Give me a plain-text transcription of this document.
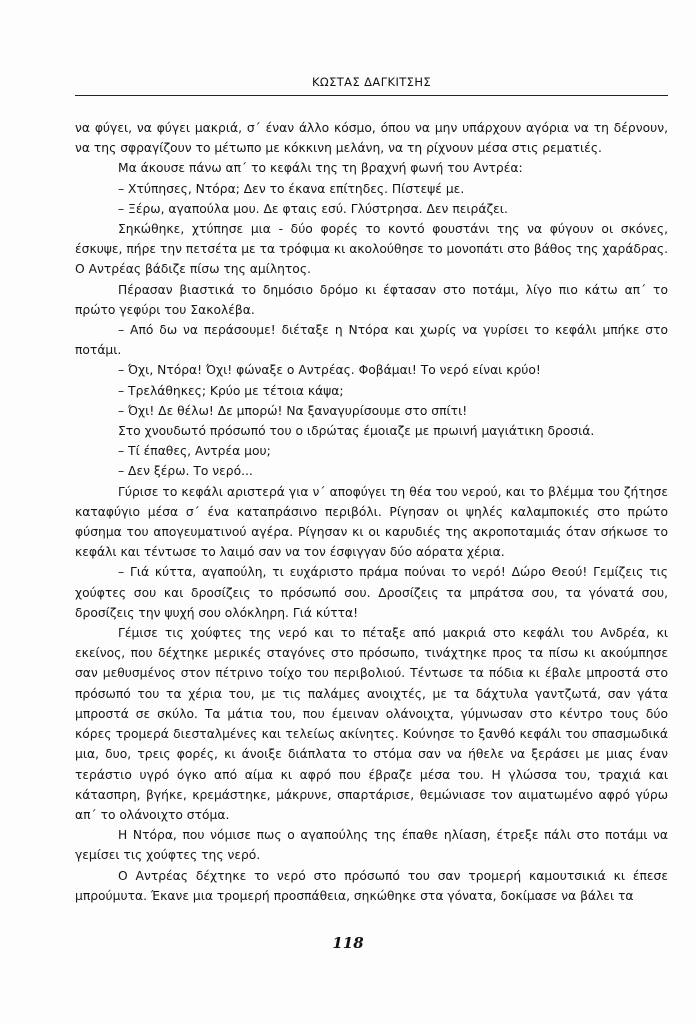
ΚΩΣΤΑΣ ΔΑΓΚΙΤΣΗΣ

να φύγει, να φύγει μακριά, σ΄ έναν άλλο κόσμο, όπου να μην υπάρχουν αγόρια να τη δέρνουν, να της σφραγίζουν το μέτωπο με κόκκινη μελάνη, να τη ρίχνουν μέσα στις ρεματιές.

Μα άκουσε πάνω απ΄ το κεφάλι της τη βραχνή φωνή του Αντρέα:

– Χτύπησες, Ντόρα; Δεν το έκανα επίτηδες. Πίστεψέ με.

– Ξέρω, αγαπούλα μου. Δε φταις εσύ. Γλύστρησα. Δεν πειράζει.

Σηκώθηκε, χτύπησε μια - δύο φορές το κοντό φουστάνι της να φύγουν οι σκόνες, έσκυψε, πήρε την πετσέτα με τα τρόφιμα κι ακολούθησε το μονοπάτι στο βάθος της χαράδρας. Ο Αντρέας βάδιζε πίσω της αμίλητος.

Πέρασαν βιαστικά το δημόσιο δρόμο κι έφτασαν στο ποτάμι, λίγο πιο κάτω απ΄ το πρώτο γεφύρι του Σακολέβα.

– Από δω να περάσουμε! διέταξε η Ντόρα και χωρίς να γυρίσει το κεφάλι μπήκε στο ποτάμι.

– Όχι, Ντόρα! Όχι! φώναξε ο Αντρέας. Φοβάμαι! Το νερό είναι κρύο!

– Τρελάθηκες; Κρύο με τέτοια κάψα;

– Όχι! Δε θέλω! Δε μπορώ! Να ξαναγυρίσουμε στο σπίτι!

Στο χνουδωτό πρόσωπό του ο ιδρώτας έμοιαζε με πρωινή μαγιάτικη δροσιά.

– Τί έπαθες, Αντρέα μου;

– Δεν ξέρω. Το νερό...

Γύρισε το κεφάλι αριστερά για ν΄ αποφύγει τη θέα του νερού, και το βλέμμα του ζήτησε καταφύγιο μέσα σ΄ ένα καταπράσινο περιβόλι. Ρίγησαν οι ψηλές καλαμποκιές στο πρώτο φύσημα του απογευματινού αγέρα. Ρίγησαν κι οι καρυδιές της ακροποταμιάς όταν σήκωσε το κεφάλι και τέντωσε το λαιμό σαν να τον έσφιγγαν δύο αόρατα χέρια.

– Γιά κύττα, αγαπούλη, τι ευχάριστο πράμα πούναι το νερό! Δώρο Θεού! Γεμίζεις τις χούφτες σου και δροσίζεις το πρόσωπό σου. Δροσίζεις τα μπράτσα σου, τα γόνατά σου, δροσίζεις την ψυχή σου ολόκληρη. Γιά κύττα!

Γέμισε τις χούφτες της νερό και το πέταξε από μακριά στο κεφάλι του Ανδρέα, κι εκείνος, που δέχτηκε μερικές σταγόνες στο πρόσωπο, τινάχτηκε προς τα πίσω κι ακούμπησε σαν μεθυσμένος στον πέτρινο τοίχο του περιβολιού. Τέντωσε τα πόδια κι έβαλε μπροστά στο πρόσωπό του τα χέρια του, με τις παλάμες ανοιχτές, με τα δάχτυλα γαντζωτά, σαν γάτα μπροστά σε σκύλο. Τα μάτια του, που έμειναν ολάνοιχτα, γύμνωσαν στο κέντρο τους δύο κόρες τρομερά διεσταλμένες και τελείως ακίνητες. Κούνησε το ξανθό κεφάλι του σπασμωδικά μια, δυο, τρεις φορές, κι άνοιξε διάπλατα το στόμα σαν να ήθελε να ξεράσει με μιας έναν τεράστιο υγρό όγκο από αίμα κι αφρό που έβραζε μέσα του. Η γλώσσα του, τραχιά και κάτασπρη, βγήκε, κρεμάστηκε, μάκρυνε, σπαρτάρισε, θεμώνιασε τον αιματωμένο αφρό γύρω απ΄ το ολάνοιχτο στόμα.

Η Ντόρα, που νόμισε πως ο αγαπούλης της έπαθε ηλίαση, έτρεξε πάλι στο ποτάμι να γεμίσει τις χούφτες της νερό.

Ο Αντρέας δέχτηκε το νερό στο πρόσωπό του σαν τρομερή καμουτσικιά κι έπεσε μπρούμυτα. Έκανε μια τρομερή προσπάθεια, σηκώθηκε στα γόνατα, δοκίμασε να βάλει τα

118
